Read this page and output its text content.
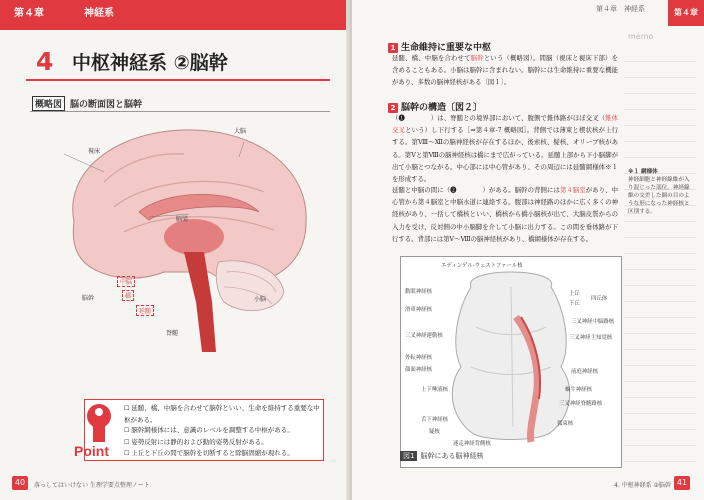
第４章	神経系
4 中枢神経系 ②脳幹
概略図 脳の断面図と脳幹
視床
大脳
脳梁
中脳
橋
延髄
脳幹	小脳
脊髄
Point
☐ 延髄、橋、中脳を合わせて脳幹といい、生命を維持する重要な中枢がある。
☐ 脳幹網様体には、意識のレベルを調整する中枢がある。
☐ 姿勢反射には静的および動的姿勢反射がある。
☐ 上丘と下丘の間で脳幹を切断すると除脳固縮が現れる。
40	落っしてはいけない 生理学要点整理ノート
第４章　神経系	第４章
memo
※１ 網様体
神経細胞と神経線維が入り混じった部位。神経線維の交差した網の目のような形になった神経核と区別する。
1 生命維持に重要な中枢
延髄、橋、中脳を合わせて脳幹という（概略図）。間脳（視床と視床下部）を含めることもある。小脳は脳幹に含まれない。脳幹には生命維持に重要な機能があり、多数の脳神経核がある〔図１〕。
2 脳幹の構造〔図２〕
（❶　　　　）は、脊髄との境界部において、腹側で錐体路がほぼ交叉（錐体交叉という）し下行する［⇒第４章-7 概略図］。背側では薄束と楔状核が上行する。第Ⅷ〜Ⅻの脳神経核が存在するほか、後索核、疑核、オリーブ核がある。第Ⅴと第Ⅷの脳神経核は橋にまで広がっている。延髄上部から下小脳脚が出て小脳とつながる。中心部には中心管があり、その周辺には延髄網様体※１を形成する。
延髄と中脳の間に（❷　　　　）がある。脳幹の背側には第４脳室があり、中心管から第４脳室と中脳水道に連絡する。腹部は神経路のほかに広く多くの神経核があり、一括して橋核といい、橋核から橋小脳核が出て、大脳皮質からの入力を受け、反対側の中小脳脚を介して小脳に出力する。この間を垂体路が下行する。背部には第Ⅴ〜Ⅷの脳神経核があり、橋網様体が存在する。
エディンゲル-ウェストファール核
動眼神経核
滑車神経核
上丘
下丘
四丘体
三叉神経中脳路核
三叉神経運動核	三叉神経主知覚核
外転神経核
顔面神経核	前庭神経核
上下唾液核	蝸牛神経核
三叉神経脊髄路核
舌下神経核
疑核
弧束核
迷走神経背側核
図1 脳幹にある脳神経核
4. 中枢神経系 ②脳幹 41
